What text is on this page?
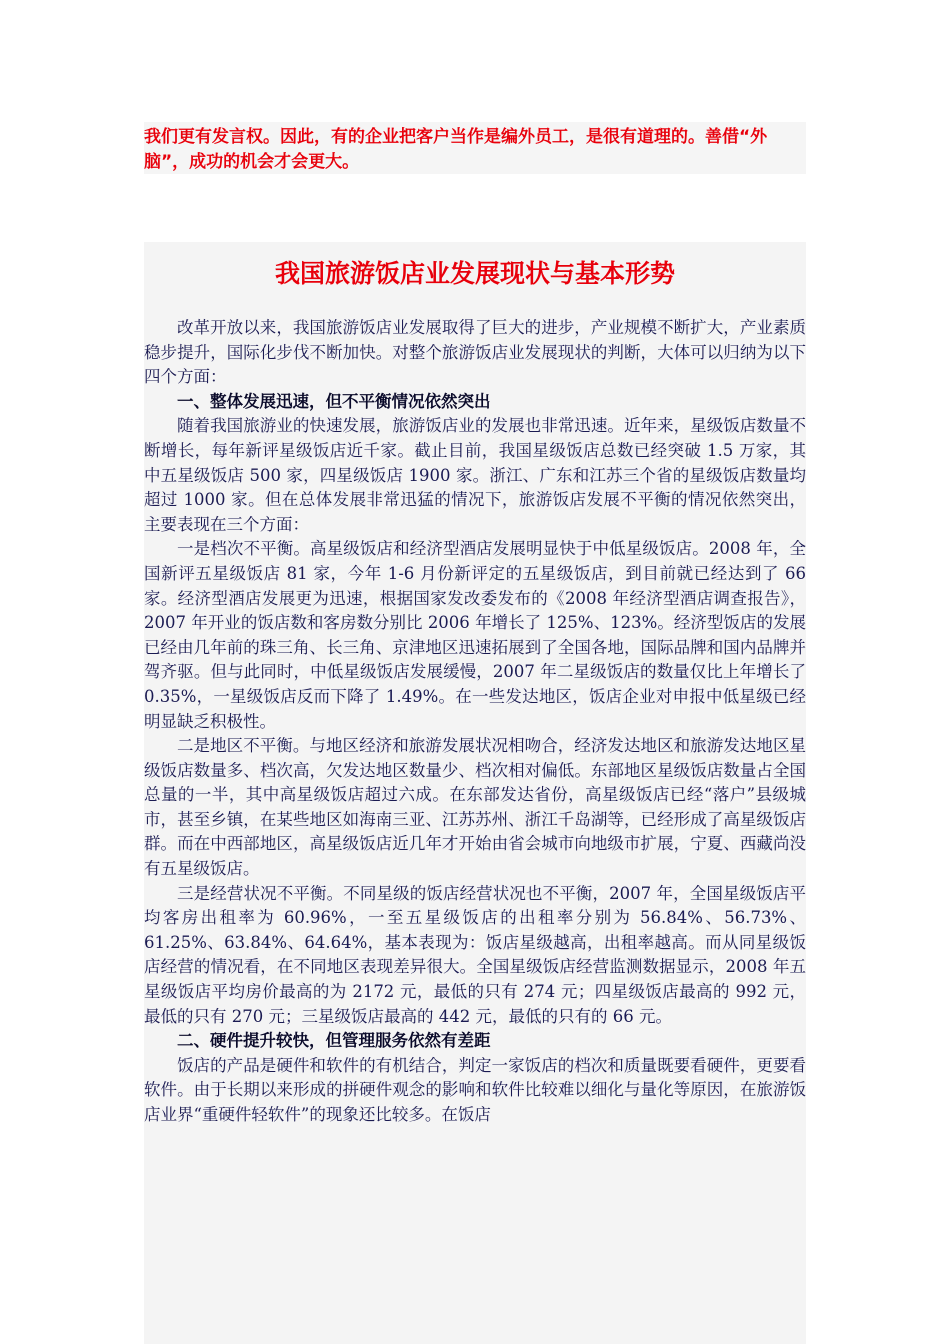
我们更有发言权。因此，有的企业把客户当作是编外员工，是很有道理的。善借“外脑”，成功的机会才会更大。

我国旅游饭店业发展现状与基本形势

改革开放以来，我国旅游饭店业发展取得了巨大的进步，产业规模不断扩大，产业素质稳步提升，国际化步伐不断加快。对整个旅游饭店业发展现状的判断，大体可以归纳为以下四个方面：

一、整体发展迅速，但不平衡情况依然突出

随着我国旅游业的快速发展，旅游饭店业的发展也非常迅速。近年来，星级饭店数量不断增长，每年新评星级饭店近千家。截止目前，我国星级饭店总数已经突破 1.5 万家，其中五星级饭店 500 家，四星级饭店 1900 家。浙江、广东和江苏三个省的星级饭店数量均超过 1000 家。但在总体发展非常迅猛的情况下，旅游饭店发展不平衡的情况依然突出，主要表现在三个方面：

一是档次不平衡。高星级饭店和经济型酒店发展明显快于中低星级饭店。2008 年，全国新评五星级饭店 81 家，今年 1-6 月份新评定的五星级饭店，到目前就已经达到了 66 家。经济型酒店发展更为迅速，根据国家发改委发布的《2008 年经济型酒店调查报告》，2007 年开业的饭店数和客房数分别比 2006 年增长了 125%、123%。经济型饭店的发展已经由几年前的珠三角、长三角、京津地区迅速拓展到了全国各地，国际品牌和国内品牌并驾齐驱。但与此同时，中低星级饭店发展缓慢，2007 年二星级饭店的数量仅比上年增长了 0.35%，一星级饭店反而下降了 1.49%。在一些发达地区，饭店企业对申报中低星级已经明显缺乏积极性。

二是地区不平衡。与地区经济和旅游发展状况相吻合，经济发达地区和旅游发达地区星级饭店数量多、档次高，欠发达地区数量少、档次相对偏低。东部地区星级饭店数量占全国总量的一半，其中高星级饭店超过六成。在东部发达省份，高星级饭店已经“落户”县级城市，甚至乡镇，在某些地区如海南三亚、江苏苏州、浙江千岛湖等，已经形成了高星级饭店群。而在中西部地区，高星级饭店近几年才开始由省会城市向地级市扩展，宁夏、西藏尚没有五星级饭店。

三是经营状况不平衡。不同星级的饭店经营状况也不平衡，2007 年，全国星级饭店平均客房出租率为 60.96%，一至五星级饭店的出租率分别为 56.84%、56.73%、61.25%、63.84%、64.64%，基本表现为：饭店星级越高，出租率越高。而从同星级饭店经营的情况看，在不同地区表现差异很大。全国星级饭店经营监测数据显示，2008 年五星级饭店平均房价最高的为 2172 元，最低的只有 274 元；四星级饭店最高的 992 元，最低的只有 270 元；三星级饭店最高的 442 元，最低的只有的 66 元。

二、硬件提升较快，但管理服务依然有差距

饭店的产品是硬件和软件的有机结合，判定一家饭店的档次和质量既要看硬件，更要看软件。由于长期以来形成的拼硬件观念的影响和软件比较难以细化与量化等原因，在旅游饭店业界“重硬件轻软件”的现象还比较多。在饭店
